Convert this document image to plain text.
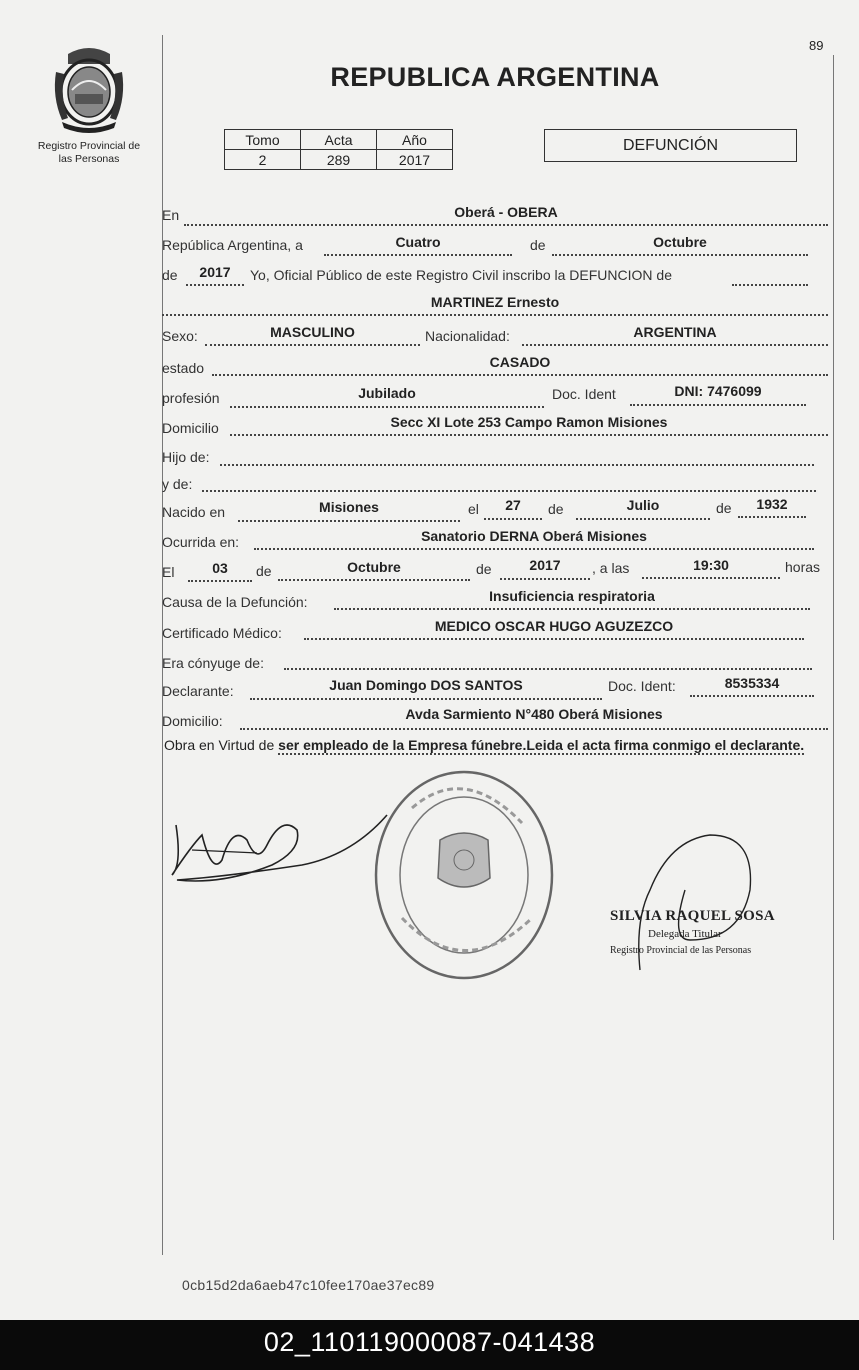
89
REPUBLICA ARGENTINA
Registro Provincial de
las Personas
Tomo	Acta	Año
2	289	2017
DEFUNCIÓN
En	Oberá - OBERA
República Argentina, a	Cuatro	de	Octubre
de	2017	Yo, Oficial Público de este Registro Civil inscribo la DEFUNCION de
MARTINEZ Ernesto
Sexo:	MASCULINO	Nacionalidad:	ARGENTINA
estado	CASADO
profesión	Jubilado	Doc. Ident	DNI: 7476099
Domicilio	Secc XI Lote 253 Campo Ramon Misiones
Hijo de:
y de:
Nacido en	Misiones	el	27	de	Julio	de	1932
Ocurrida en:	Sanatorio DERNA Oberá Misiones
El	03	de	Octubre	de	2017	, a las	19:30	horas
Causa de la Defunción:	Insuficiencia respiratoria
Certificado Médico:	MEDICO OSCAR HUGO AGUZEZCO
Era cónyuge de:
Declarante:	Juan Domingo DOS SANTOS	Doc. Ident:	8535334
Domicilio:	Avda Sarmiento N°480 Oberá Misiones
Obra en Virtud de ser empleado de la Empresa fúnebre.Leida el acta firma conmigo el declarante.
SILVIA RAQUEL SOSA
Delegada Titular
Registro Provincial de las Personas
0cb15d2da6aeb47c10fee170ae37ec89
02_110119000087-041438
